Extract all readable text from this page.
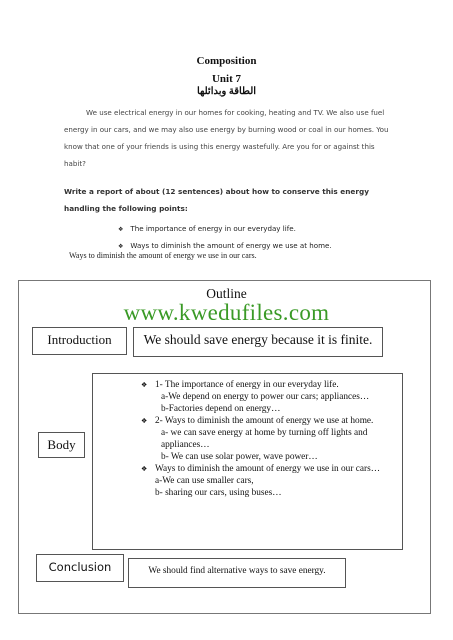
Composition
Unit 7
الطاقة وبدائلها
We use electrical energy in our homes for cooking, heating and TV. We also use fuel energy in our cars, and we may also use energy by burning wood or coal in our homes. You know that one of your friends is using this energy wastefully. Are you for or against this habit?
Write a report of about (12 sentences) about how to conserve this energy handling the following points:
❖ The importance of energy in our everyday life.
❖ Ways to diminish the amount of energy we use at home.
Ways to diminish the amount of energy we use in our cars.
Outline
www.kwedufiles.com
Introduction	We should save energy because it is finite.
Body
❖ 1- The importance of energy in our everyday life.
a-We depend on energy to power our cars; appliances…
b-Factories depend on energy…
❖ 2- Ways to diminish the amount of energy we use at home.
a- we can save energy at home by turning off lights and appliances…
b- We can use solar power, wave power…
❖ Ways to diminish the amount of energy we use in our cars…
a-We can use smaller cars,
b- sharing our cars, using buses…
Conclusion	We should find alternative ways to save energy.
